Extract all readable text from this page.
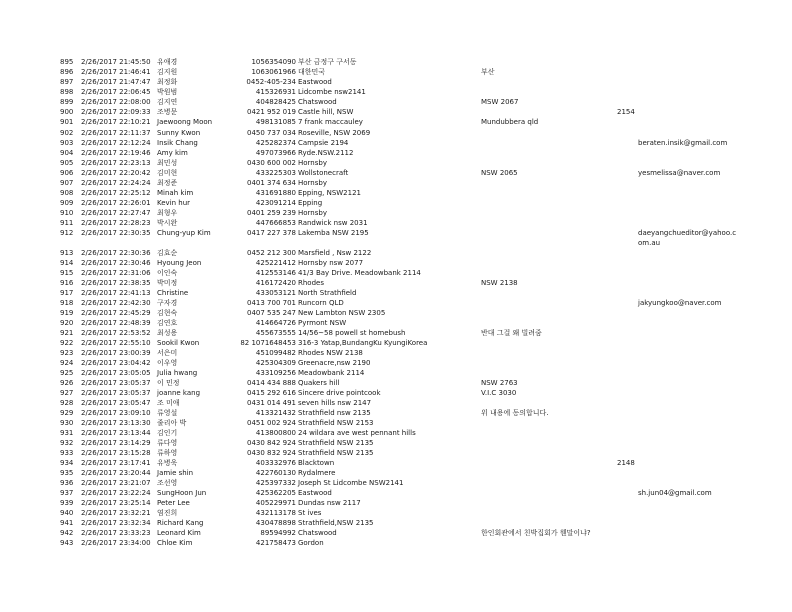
895 2/26/2017 21:45:50 유애경	1056354090 부산 금정구 구서동
896 2/26/2017 21:46:41 김지원	1063061966 대한민국	부산
897 2/26/2017 21:47:47 최정화	0452-405-234 Eastwood
898 2/26/2017 22:06:45 박원범	415326931 Lidcombe nsw2141
899 2/26/2017 22:08:00 김지연	404828425 Chatswood	MSW 2067
900 2/26/2017 22:09:33 조병문	0421 952 019 Castle hill, NSW	2154
901 2/26/2017 22:10:21 Jaewoong Moon	498131085 7 frank maccauley	Mundubbera qld
902 2/26/2017 22:11:37 Sunny Kwon	0450 737 034 Roseville, NSW 2069
903 2/26/2017 22:12:24 Insik Chang	425282374 Campsie 2194	beraten.insik@gmail.com
904 2/26/2017 22:19:46 Amy kim	497073966 Ryde.NSW.2112
905 2/26/2017 22:23:13 최민성	0430 600 002 Hornsby
906 2/26/2017 22:20:42 김미현	433225303 Wollstonecraft	NSW 2065	yesmelissa@naver.com
907 2/26/2017 22:24:24 최정준	0401 374 634 Hornsby
908 2/26/2017 22:25:12 Minah kim	431691880 Epping, NSW2121
909 2/26/2017 22:26:01 Kevin hur	423091214 Epping
910 2/26/2017 22:27:47 최형우	0401 259 239 Hornsby
911 2/26/2017 22:28:23 박시완	447666853 Randwick nsw 2031
912 2/26/2017 22:30:35 Chung-yup Kim	0417 227 378 Lakemba NSW 2195	daeyangchueditor@yahoo.com.au
913 2/26/2017 22:30:36 김효순	0452 212 300 Marsfield , Nsw 2122
914 2/26/2017 22:30:46 Hyoung Jeon	425221412 Hornsby nsw 2077
915 2/26/2017 22:31:06 이인숙	412553146 41/3 Bay Drive. Meadowbank 2114
916 2/26/2017 22:38:35 박미정	416172420 Rhodes	NSW 2138
917 2/26/2017 22:41:13 Christine	433053121 North Strathfield
918 2/26/2017 22:42:30 구자경	0413 700 701 Runcorn QLD	jakyungkoo@naver.com
919 2/26/2017 22:45:29 김현숙	0407 535 247 New Lambton NSW 2305
920 2/26/2017 22:48:39 김연호	414664726 Pyrmont NSW
921 2/26/2017 22:53:52 최성용	455673555 14/56~58 powell st homebush	반대 그걸 왜 빌려줌
922 2/26/2017 22:55:10 Sookil Kwon	82 1071648453 316-3 Yatap,BundangKu KyungiKorea
923 2/26/2017 23:00:39 서은미	451099482 Rhodes NSW 2138
924 2/26/2017 23:04:42 이우영	425304309 Greenacre,nsw 2190
925 2/26/2017 23:05:05 Julia hwang	433109256 Meadowbank 2114
926 2/26/2017 23:05:37 이 민정	0414 434 888 Quakers hill	NSW 2763
927 2/26/2017 23:05:37 joanne kang	0415 292 616 Sincere drive pointcook	V.I.C 3030
928 2/26/2017 23:05:47 조 미애	0431 014 491 seven hills nsw 2147
929 2/26/2017 23:09:10 류영설	413321432 Strathfield nsw 2135	위 내용에 동의합니다.
930 2/26/2017 23:13:30 줄리아 박	0451 002 924 Strathfield NSW 2153
931 2/26/2017 23:13:44 김인기	413800800 24 wildara ave west pennant hills
932 2/26/2017 23:14:29 류다영	0430 842 924 Strathfield NSW 2135
933 2/26/2017 23:15:28 류하영	0430 832 924 Strathfield NSW 2135
934 2/26/2017 23:17:41 유병욱	403332976 Blacktown	2148
935 2/26/2017 23:20:44 Jamie shin	422760130 Rydalmere
936 2/26/2017 23:21:07 조선영	425397332 Joseph St Lidcombe NSW2141
937 2/26/2017 23:22:24 SungHoon Jun	425362205 Eastwood	sh.jun04@gmail.com
939 2/26/2017 23:25:14 Peter Lee	405229971 Dundas nsw 2117
940 2/26/2017 23:32:21 염진희	432113178 St ives
941 2/26/2017 23:32:34 Richard Kang	430478898 Strathfield,NSW 2135
942 2/26/2017 23:33:23 Leonard Kim	89594992 Chatswood	한인회관에서 친박집회가 웬말이냐?
943 2/26/2017 23:34:00 Chloe Kim	421758473 Gordon
